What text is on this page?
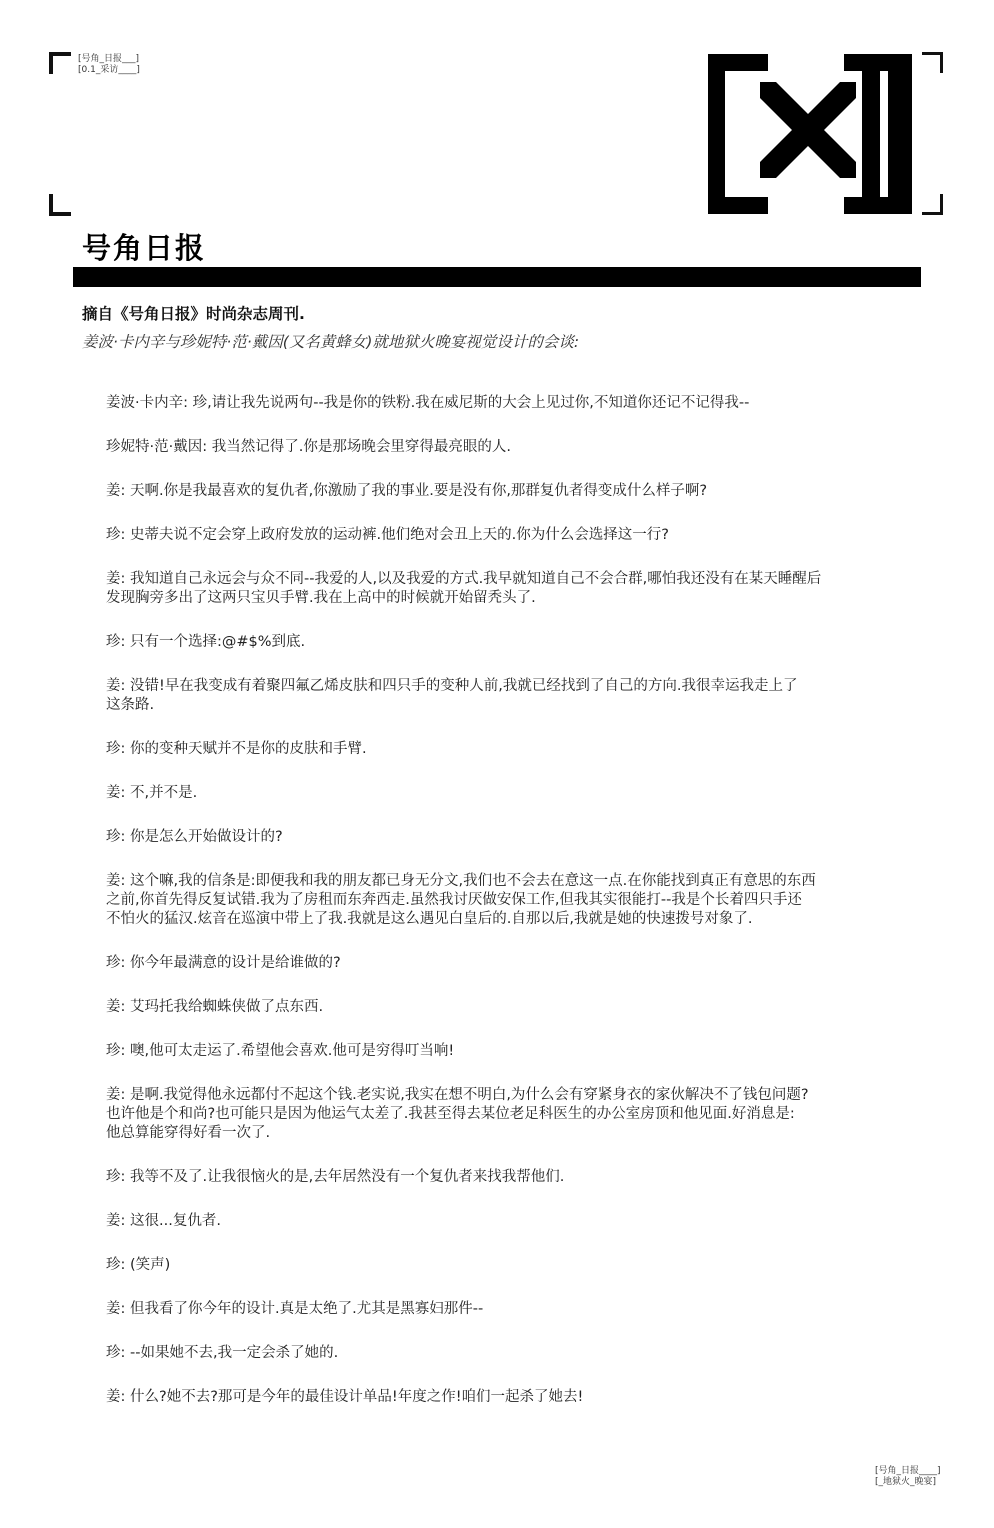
[号角_日报___]
[0.1_采访____]
号角日报
摘自《号角日报》时尚杂志周刊.
姜波·卡内辛与珍妮特·范·戴因(又名黄蜂女)就地狱火晚宴视觉设计的会谈:

姜波·卡内辛: 珍,请让我先说两句--我是你的铁粉.我在威尼斯的大会上见过你,不知道你还记不记得我--

珍妮特·范·戴因: 我当然记得了.你是那场晚会里穿得最亮眼的人.

姜: 天啊.你是我最喜欢的复仇者,你激励了我的事业.要是没有你,那群复仇者得变成什么样子啊?

珍: 史蒂夫说不定会穿上政府发放的运动裤.他们绝对会丑上天的.你为什么会选择这一行?

姜: 我知道自己永远会与众不同--我爱的人,以及我爱的方式.我早就知道自己不会合群,哪怕我还没有在某天睡醒后
发现胸旁多出了这两只宝贝手臂.我在上高中的时候就开始留秃头了.

珍: 只有一个选择:@#$%到底.

姜: 没错!早在我变成有着聚四氟乙烯皮肤和四只手的变种人前,我就已经找到了自己的方向.我很幸运我走上了
这条路.

珍: 你的变种天赋并不是你的皮肤和手臂.

姜: 不,并不是.

珍: 你是怎么开始做设计的?

姜: 这个嘛,我的信条是:即便我和我的朋友都已身无分文,我们也不会去在意这一点.在你能找到真正有意思的东西
之前,你首先得反复试错.我为了房租而东奔西走.虽然我讨厌做安保工作,但我其实很能打--我是个长着四只手还
不怕火的猛汉.炫音在巡演中带上了我.我就是这么遇见白皇后的.自那以后,我就是她的快速拨号对象了.

珍: 你今年最满意的设计是给谁做的?

姜: 艾玛托我给蜘蛛侠做了点东西.

珍: 噢,他可太走运了.希望他会喜欢.他可是穷得叮当响!

姜: 是啊.我觉得他永远都付不起这个钱.老实说,我实在想不明白,为什么会有穿紧身衣的家伙解决不了钱包问题?
也许他是个和尚?也可能只是因为他运气太差了.我甚至得去某位老足科医生的办公室房顶和他见面.好消息是:
他总算能穿得好看一次了.

珍: 我等不及了.让我很恼火的是,去年居然没有一个复仇者来找我帮他们.

姜: 这很...复仇者.

珍: (笑声)

姜: 但我看了你今年的设计.真是太绝了.尤其是黑寡妇那件--

珍: --如果她不去,我一定会杀了她的.

姜: 什么?她不去?那可是今年的最佳设计单品!年度之作!咱们一起杀了她去!

[号角_日报____]
[_地狱火_晚宴]
